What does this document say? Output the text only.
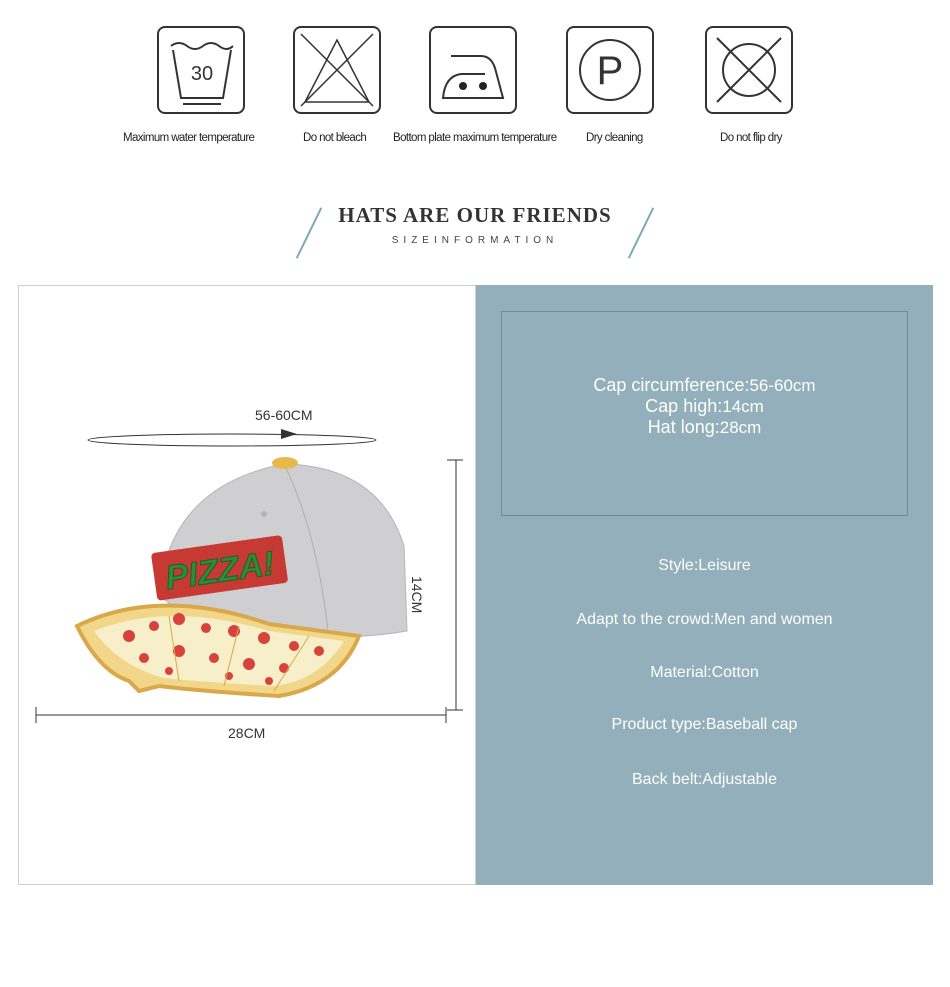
30
Maximum water temperature	Do not bleach Bottom plate maximum temperature
P
Dry cleaning	Do not flip dry
HATS ARE OUR FRIENDS
SIZEINFORMATION
PIZZA!
56-60CM
14CM
28CM
Cap circumference:56-60cm
Cap high:14cm
Hat long:28cm
Style:Leisure
Adapt to the crowd:Men and women
Material:Cotton
Product type:Baseball cap
Back belt:Adjustable
